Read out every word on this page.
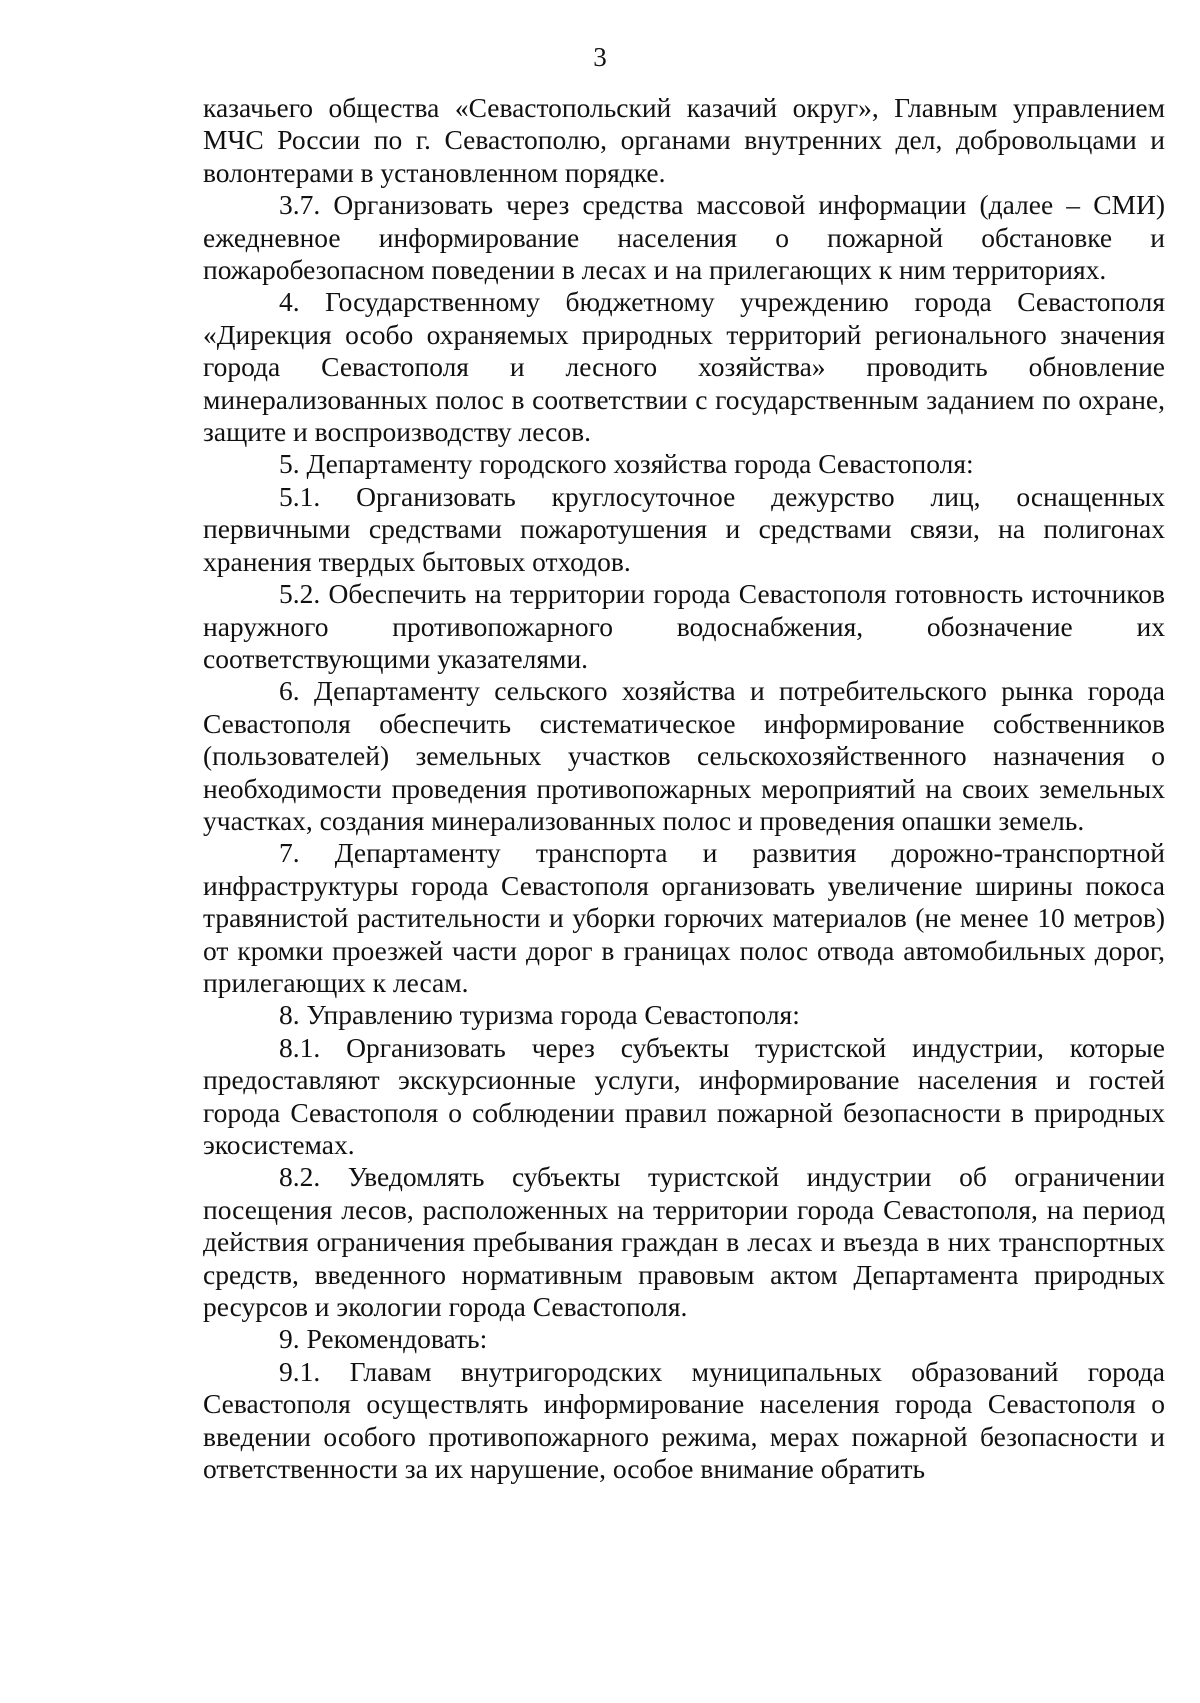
3

казачьего общества «Севастопольский казачий округ», Главным управлением МЧС России по г. Севастополю, органами внутренних дел, добровольцами и волонтерами в установленном порядке.

3.7. Организовать через средства массовой информации (далее – СМИ) ежедневное информирование населения о пожарной обстановке и пожаробезопасном поведении в лесах и на прилегающих к ним территориях.

4. Государственному бюджетному учреждению города Севастополя «Дирекция особо охраняемых природных территорий регионального значения города Севастополя и лесного хозяйства» проводить обновление минерализованных полос в соответствии с государственным заданием по охране, защите и воспроизводству лесов.

5. Департаменту городского хозяйства города Севастополя:

5.1. Организовать круглосуточное дежурство лиц, оснащенных первичными средствами пожаротушения и средствами связи, на полигонах хранения твердых бытовых отходов.

5.2. Обеспечить на территории города Севастополя готовность источников наружного противопожарного водоснабжения, обозначение их соответствующими указателями.

6. Департаменту сельского хозяйства и потребительского рынка города Севастополя обеспечить систематическое информирование собственников (пользователей) земельных участков сельскохозяйственного назначения о необходимости проведения противопожарных мероприятий на своих земельных участках, создания минерализованных полос и проведения опашки земель.

7. Департаменту транспорта и развития дорожно-транспортной инфраструктуры города Севастополя организовать увеличение ширины покоса травянистой растительности и уборки горючих материалов (не менее 10 метров) от кромки проезжей части дорог в границах полос отвода автомобильных дорог, прилегающих к лесам.

8. Управлению туризма города Севастополя:

8.1. Организовать через субъекты туристской индустрии, которые предоставляют экскурсионные услуги, информирование населения и гостей города Севастополя о соблюдении правил пожарной безопасности в природных экосистемах.

8.2. Уведомлять субъекты туристской индустрии об ограничении посещения лесов, расположенных на территории города Севастополя, на период действия ограничения пребывания граждан в лесах и въезда в них транспортных средств, введенного нормативным правовым актом Департамента природных ресурсов и экологии города Севастополя.

9. Рекомендовать:

9.1. Главам внутригородских муниципальных образований города Севастополя осуществлять информирование населения города Севастополя о введении особого противопожарного режима, мерах пожарной безопасности и ответственности за их нарушение, особое внимание обратить
